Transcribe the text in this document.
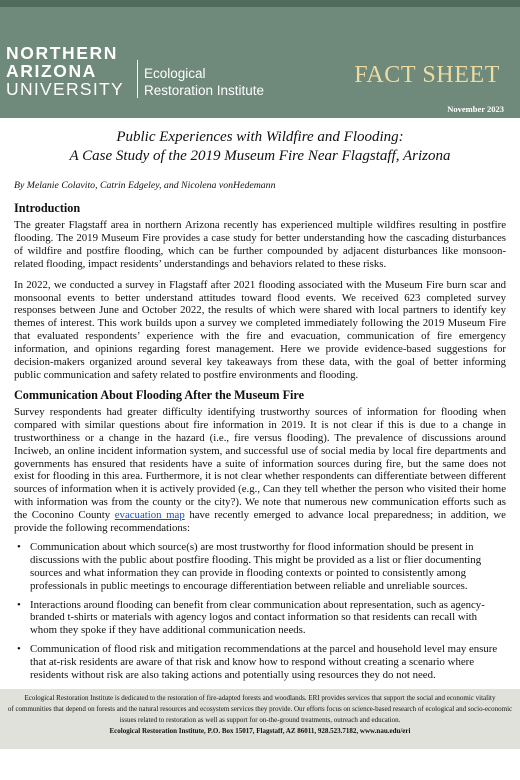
NORTHERN
ARIZONA
UNIVERSITY
Ecological
Restoration Institute
FACT SHEET
November 2023
Public Experiences with Wildfire and Flooding:
A Case Study of the 2019 Museum Fire Near Flagstaff, Arizona
By Melanie Colavito, Catrin Edgeley, and Nicolena vonHedemann
Introduction

The greater Flagstaff area in northern Arizona recently has experienced multiple wildfires resulting in postfire flooding. The 2019 Museum Fire provides a case study for better understanding how the cascading disturbances of wildfire and postfire flooding, which can be further compounded by adjacent disturbances like monsoon-related flooding, impact residents’ understandings and behaviors related to these risks.

In 2022, we conducted a survey in Flagstaff after 2021 flooding associated with the Museum Fire burn scar and monsoonal events to better understand attitudes toward flood events. We received 623 completed survey responses between June and October 2022, the results of which were shared with local partners to identify key themes of interest. This work builds upon a survey we completed immediately following the 2019 Museum Fire that evaluated respondents’ experience with the fire and evacuation, communication of fire emergency information, and opinions regarding forest management. Here we provide evidence-based suggestions for decision-makers organized around several key takeaways from these data, with the goal of better informing public communication and safety related to postfire environments and flooding.

Communication About Flooding After the Museum Fire

Survey respondents had greater difficulty identifying trustworthy sources of information for flooding when compared with similar questions about fire information in 2019. It is not clear if this is due to a change in trustworthiness or a change in the hazard (i.e., fire versus flooding). The prevalence of discussions around Inciweb, an online incident information system, and successful use of social media by local fire departments and governments has ensured that residents have a suite of information sources during fire, but the same does not exist for flooding in this area. Furthermore, it is not clear whether respondents can differentiate between different sources of information when it is actively provided (e.g., Can they tell whether the person who visited their home with information was from the county or the city?). We note that numerous new communication efforts such as the Coconino County evacuation map have recently emerged to advance local preparedness; in addition, we provide the following recommendations:

• Communication about which source(s) are most trustworthy for flood information should be present in discussions with the public about postfire flooding. This might be provided as a list or flier documenting sources and what information they can provide in flooding contexts or pointed to consistently among professionals in public meetings to encourage differentiation between reliable and unreliable sources.
• Interactions around flooding can benefit from clear communication about representation, such as agency-branded t-shirts or materials with agency logos and contact information so that residents can recall with whom they spoke if they have additional communication needs.
• Communication of flood risk and mitigation recommendations at the parcel and household level may ensure that at-risk residents are aware of that risk and know how to respond without creating a scenario where residents without risk are also taking actions and potentially using resources they do not need.
Ecological Restoration Institute is dedicated to the restoration of fire-adapted forests and woodlands. ERI provides services that support the social and economic vitality
of communities that depend on forests and the natural resources and ecosystem services they provide. Our efforts focus on science-based research of ecological and socio-economic
issues related to restoration as well as support for on-the-ground treatments, outreach and education.
Ecological Restoration Institute, P.O. Box 15017, Flagstaff, AZ 86011, 928.523.7182, www.nau.edu/eri
